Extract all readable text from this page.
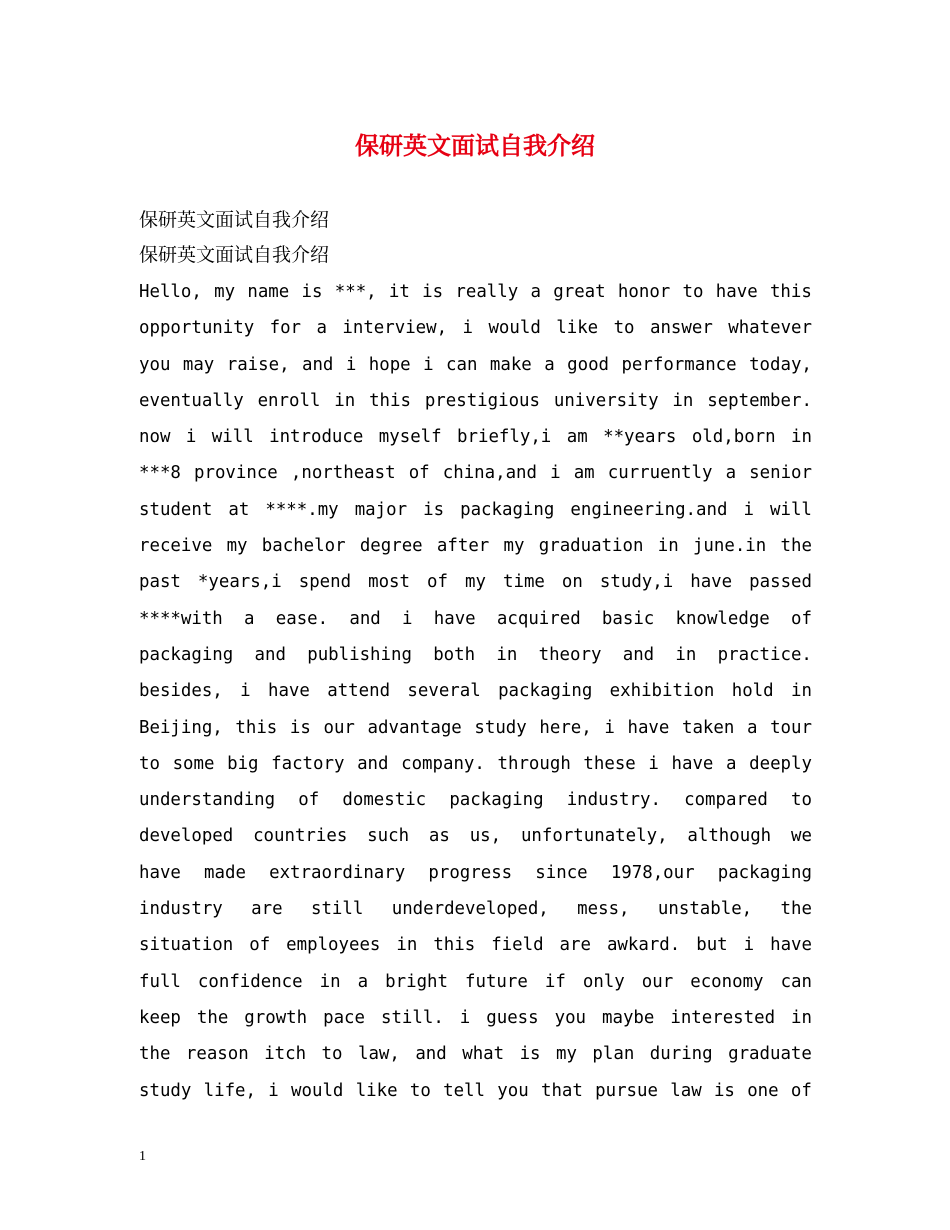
保研英文面试自我介绍

保研英文面试自我介绍

保研英文面试自我介绍

Hello, my name is ***, it is really a great honor to have this
opportunity for a interview, i would like to answer whatever
you may raise, and i hope i can make a good performance today,
eventually enroll in this prestigious university in september.
now i will introduce myself briefly,i am **years old,born in
***8 province ,northeast of china,and i am curruently a senior
student at ****.my major is packaging engineering.and i will
receive my bachelor degree after my graduation in june.in the
past *years,i spend most of my time on study,i have passed
****with a ease. and i have acquired basic knowledge of
packaging and publishing both in theory and in practice.
besides, i have attend several packaging exhibition hold in
Beijing, this is our advantage study here, i have taken a tour
to some big factory and company. through these i have a deeply
understanding of domestic packaging industry. compared to
developed countries such as us, unfortunately, although we
have made extraordinary progress since 1978,our packaging
industry are still underdeveloped, mess, unstable, the
situation of employees in this field are awkard. but i have
full confidence in a bright future if only our economy can
keep the growth pace still. i guess you maybe interested in
the reason itch to law, and what is my plan during graduate
study life, i would like to tell you that pursue law is one of
1
